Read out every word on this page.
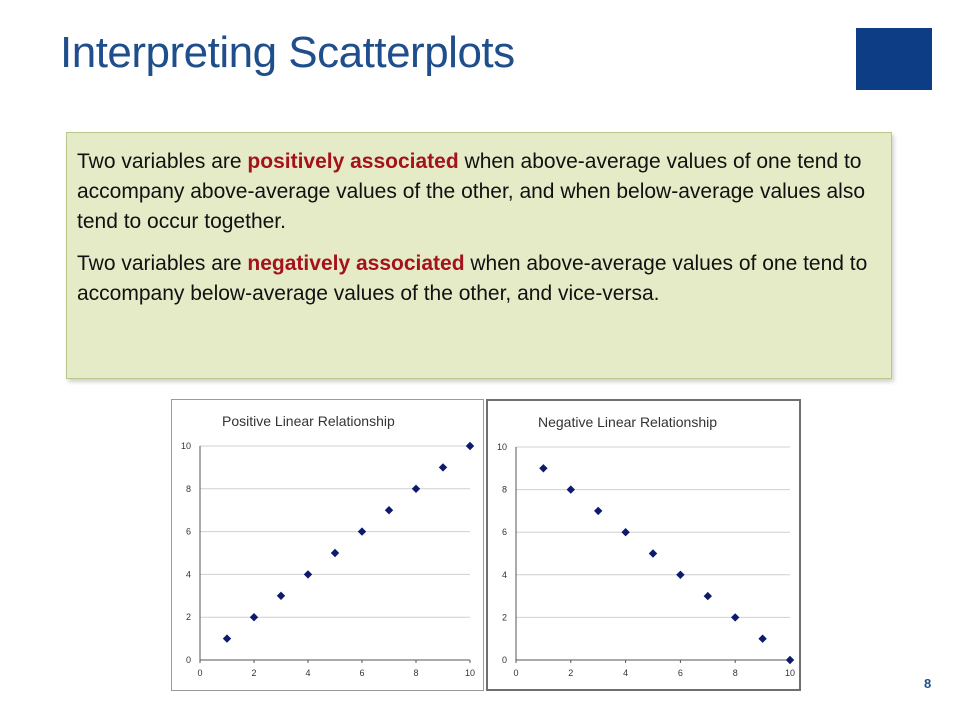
Interpreting Scatterplots

Two variables are positively associated when above-average values of one tend to accompany above-average values of the other, and when below-average values also tend to occur together.

Two variables are negatively associated when above-average values of one tend to accompany below-average values of the other, and vice-versa.

Positive Linear Relationship
0
2
4
6
8
10
0	2	4	6	8	10
Negative Linear Relationship
0
2
4
6
8
10
0	2	4	6	8	10
8
